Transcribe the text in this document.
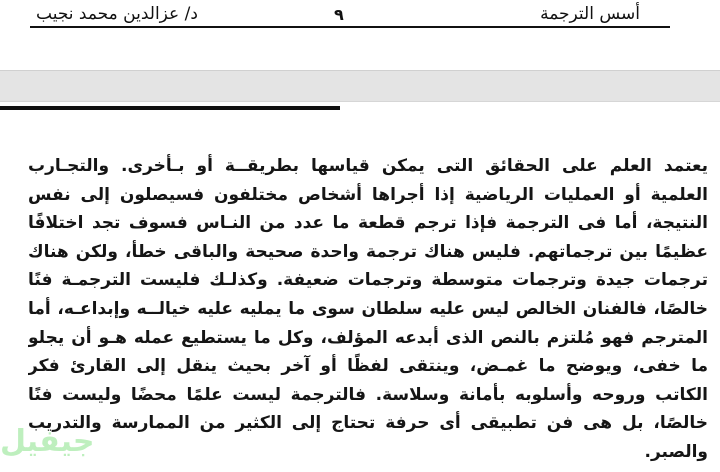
أسس الترجمة
٩
د/ عزالدين محمد نجيب
يعتمد العلم على الحقائق التى يمكن قياسها بطريقــة أو بـأخرى. والتجـارب
العلمية أو العمليات الرياضية إذا أجراها أشخاص مختلفون فسيصلون إلى نفس
النتيجة، أما فى الترجمة فإذا ترجم قطعة ما عدد من النـاس فسوف تجد اختلافًا
عظيمًا بين ترجماتهم. فليس هناك ترجمة واحدة صحيحة والباقى خطأ، ولكن هناك
ترجمات جيدة وترجمات متوسطة وترجمات ضعيفة. وكذلـك فليست الترجمـة فنًا
خالصًا، فالفنان الخالص ليس عليه سلطان سوى ما يمليه عليه خيالــه وإبداعـه، أما
المترجم فهو مُلتزم بالنص الذى أبدعه المؤلف، وكل ما يستطيع عمله هـو أن يجلو
ما خفى، ويوضح ما غمـض، وينتقى لفظًا أو آخر بحيث ينقل إلى القارئ فكر
الكاتب وروحه وأسلوبه بأمانة وسلاسة. فالترجمة ليست علمًا محضًا وليست فنًا
خالصًا، بل هى فن تطبيقى أى حرفة تحتاج إلى الكثير من الممارسة والتدريب
والصبر.
جيفيل
